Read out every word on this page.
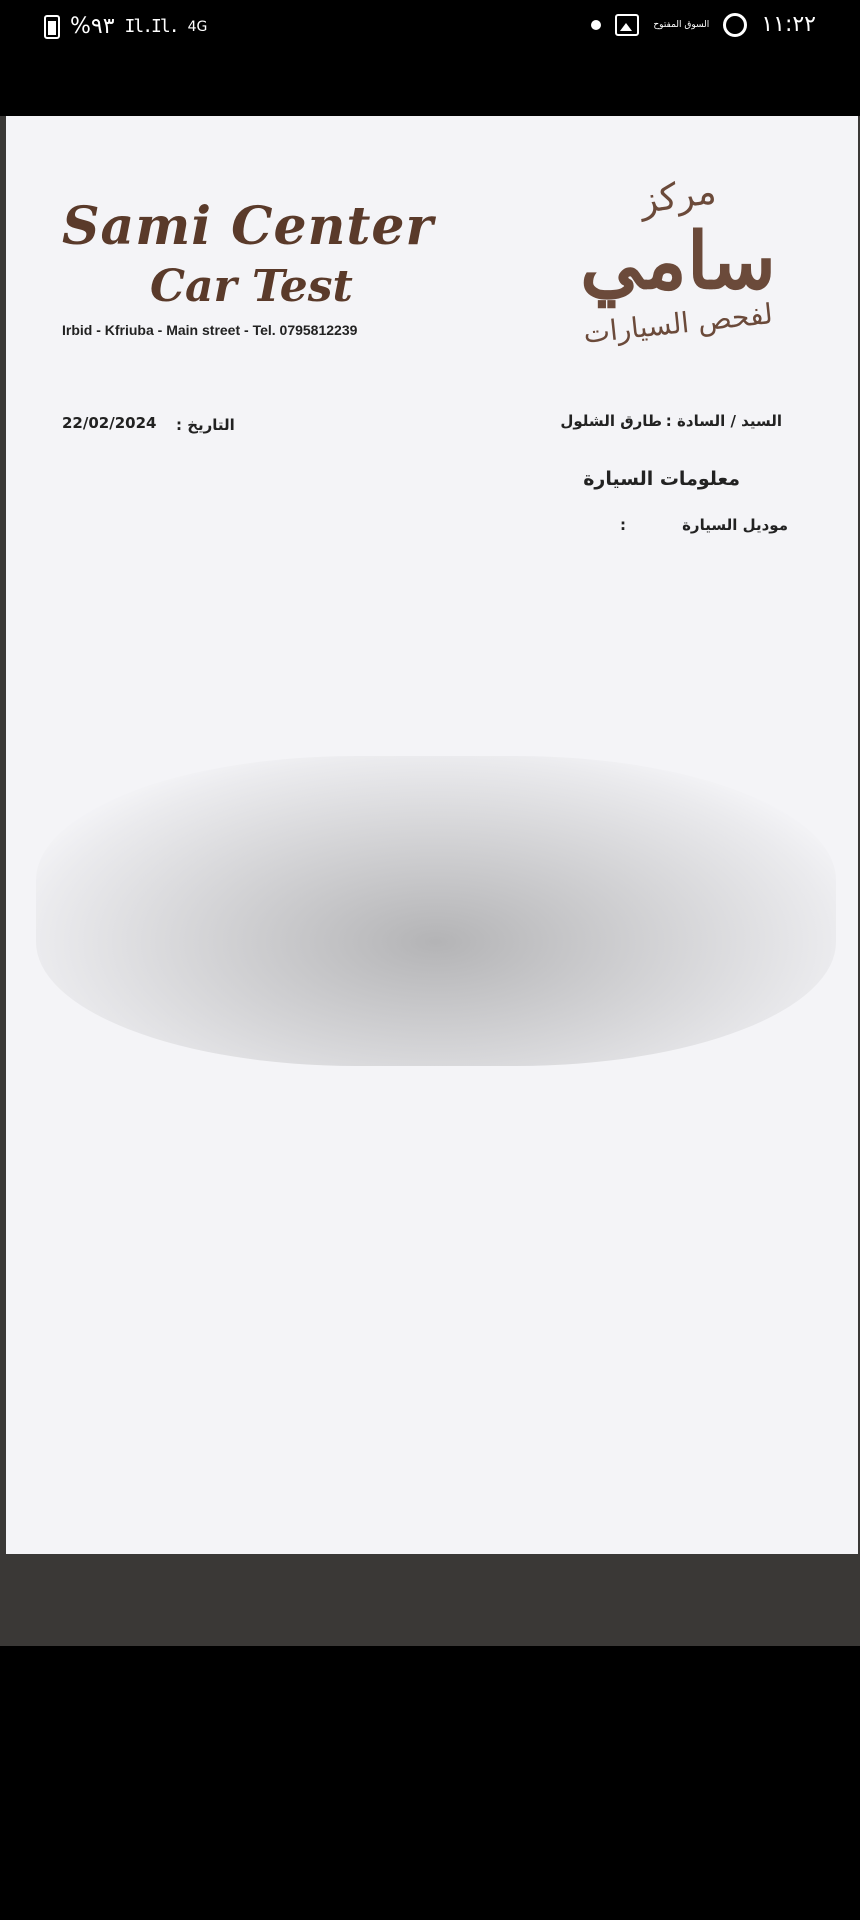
%٩٣ Il.Il. 4G	السوق المفتوح ١١:٢٢
Sami Center
Car Test
Irbid - Kfriuba - Main street - Tel. 0795812239
مركز
سامي
لفحص السيارات
التاريخ :
22/02/2024	السيد / السادة :
طارق الشلول
معلومات السيارة
موديل السيارة
:
